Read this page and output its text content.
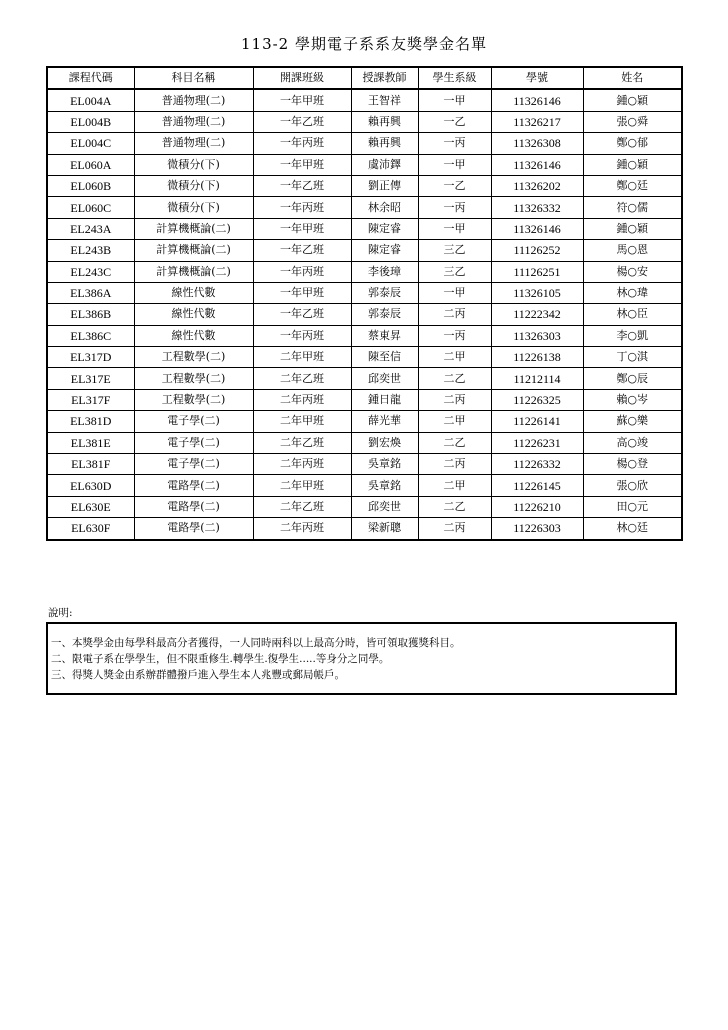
113-2 學期電子系系友獎學金名單
課程代碼	科目名稱	開課班級	授課教師	學生系級	學號	姓名
EL004A	普通物理(二)	一年甲班	王智祥	一甲	11326146	鍾○穎
EL004B	普通物理(二)	一年乙班	賴再興	一乙	11326217	張○舜
EL004C	普通物理(二)	一年丙班	賴再興	一丙	11326308	鄭○郁
EL060A	微積分(下)	一年甲班	虞沛鐸	一甲	11326146	鍾○穎
EL060B	微積分(下)	一年乙班	劉正傳	一乙	11326202	鄭○廷
EL060C	微積分(下)	一年丙班	林余昭	一丙	11326332	符○儒
EL243A	計算機概論(二)	一年甲班	陳定睿	一甲	11326146	鍾○穎
EL243B	計算機概論(二)	一年乙班	陳定睿	三乙	11126252	馬○恩
EL243C	計算機概論(二)	一年丙班	李後璋	三乙	11126251	楊○安
EL386A	線性代數	一年甲班	郭泰辰	一甲	11326105	林○瑋
EL386B	線性代數	一年乙班	郭泰辰	二丙	11222342	林○臣
EL386C	線性代數	一年丙班	蔡東昇	一丙	11326303	李○凱
EL317D	工程數學(二)	二年甲班	陳至信	二甲	11226138	丁○淇
EL317E	工程數學(二)	二年乙班	邱奕世	二乙	11212114	鄭○辰
EL317F	工程數學(二)	二年丙班	鍾日龍	二丙	11226325	賴○岑
EL381D	電子學(二)	二年甲班	薛光華	二甲	11226141	蘇○樂
EL381E	電子學(二)	二年乙班	劉宏煥	二乙	11226231	高○竣
EL381F	電子學(二)	二年丙班	吳章銘	二丙	11226332	楊○登
EL630D	電路學(二)	二年甲班	吳章銘	二甲	11226145	張○欣
EL630E	電路學(二)	二年乙班	邱奕世	二乙	11226210	田○元
EL630F	電路學(二)	二年丙班	梁新聰	二丙	11226303	林○廷
說明:
一、本獎學金由每學科最高分者獲得，一人同時兩科以上最高分時，皆可領取獲獎科目。
二、限電子系在學學生，但不限重修生.轉學生.復學生.....等身分之同學。
三、得獎人獎金由系辦群體撥戶進入學生本人兆豐或郵局帳戶。
